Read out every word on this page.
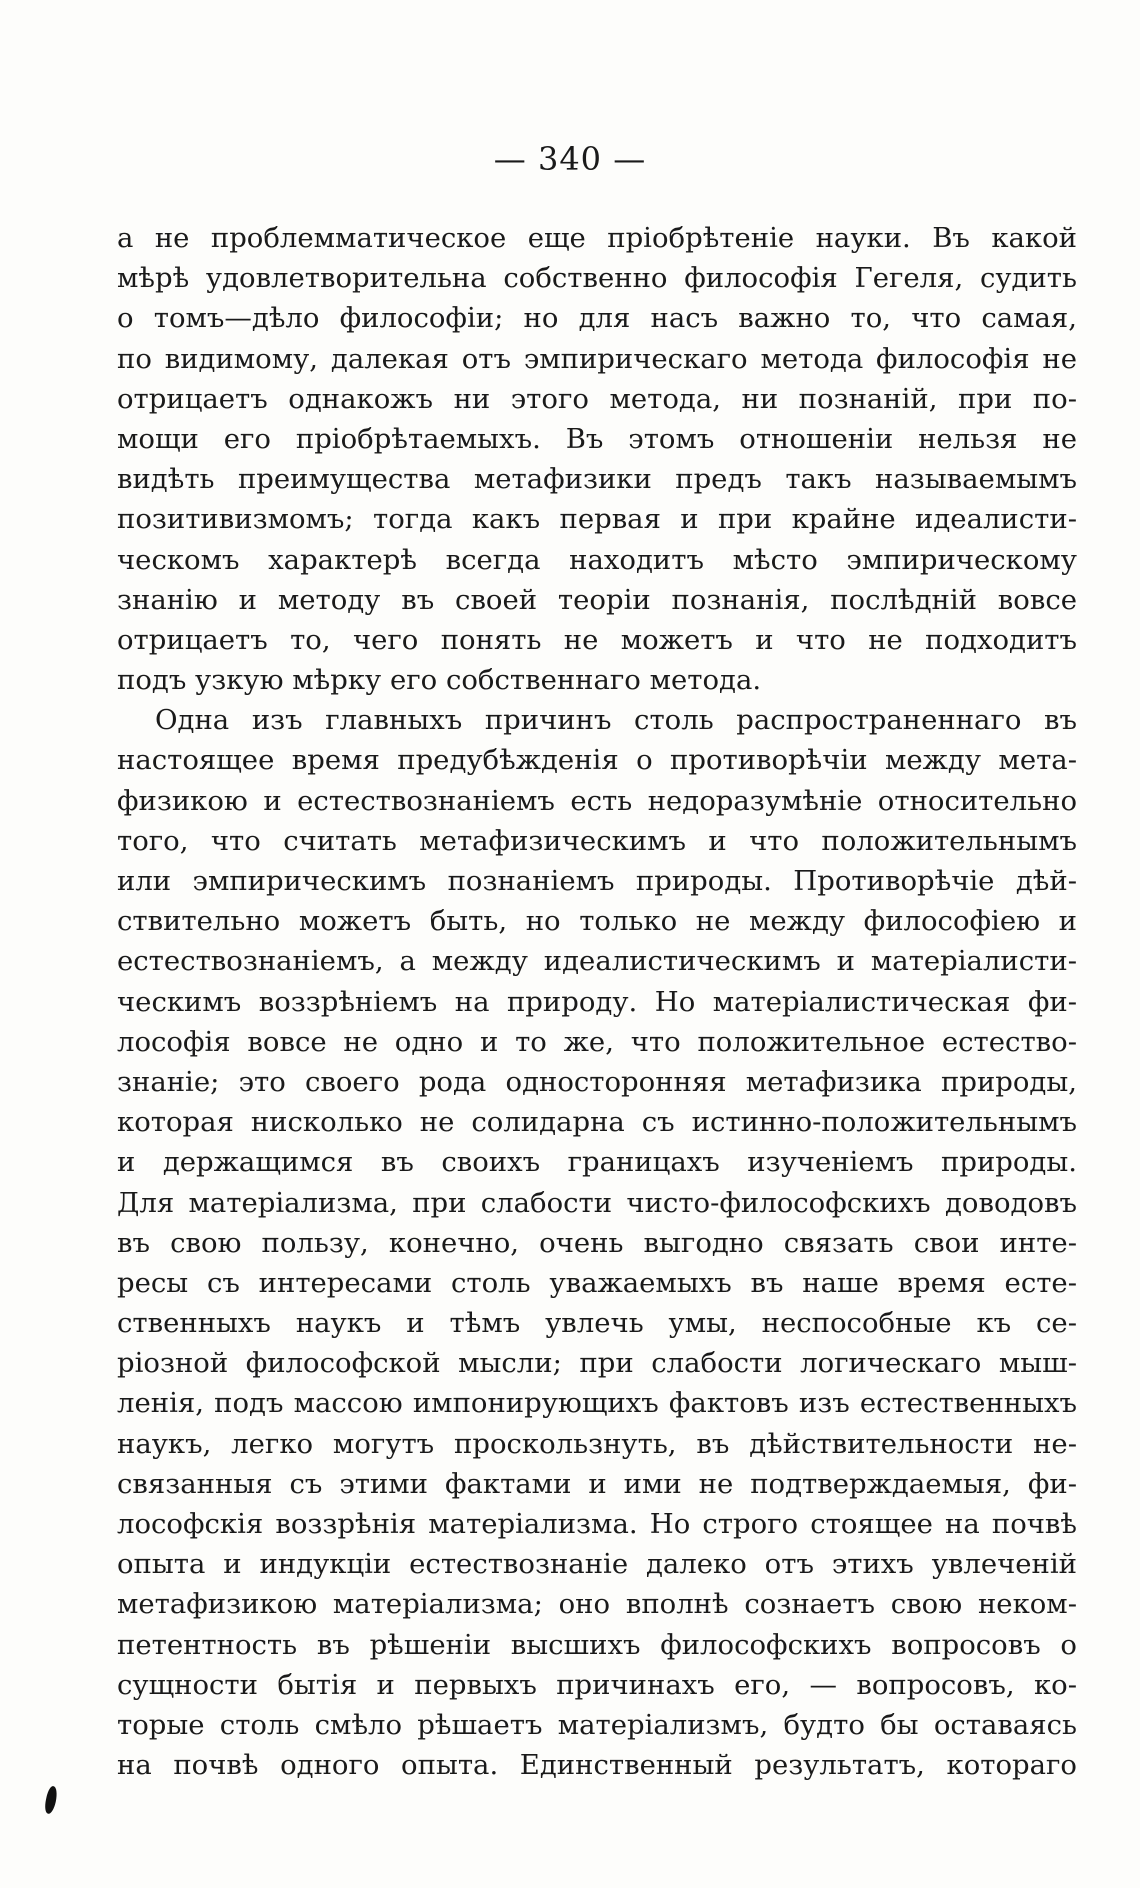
— 340 —
а не проблемматическое еще пріобрѣтеніе науки. Въ какой
мѣрѣ удовлетворительна собственно философія Гегеля, судить
о томъ—дѣло философіи; но для насъ важно то, что самая,
по видимому, далекая отъ эмпирическаго метода философія не
отрицаетъ однакожъ ни этого метода, ни познаній, при по-
мощи его пріобрѣтаемыхъ. Въ этомъ отношеніи нельзя не
видѣть преимущества метафизики предъ такъ называемымъ
позитивизмомъ; тогда какъ первая и при крайне идеалисти-
ческомъ характерѣ всегда находитъ мѣсто эмпирическому
знанію и методу въ своей теоріи познанія, послѣдній вовсе
отрицаетъ то, чего понять не можетъ и что не подходитъ
подъ узкую мѣрку его собственнаго метода.
Одна изъ главныхъ причинъ столь распространеннаго въ
настоящее время предубѣжденія о противорѣчіи между мета-
физикою и естествознаніемъ есть недоразумѣніе относительно
того, что считать метафизическимъ и что положительнымъ
или эмпирическимъ познаніемъ природы. Противорѣчіе дѣй-
ствительно можетъ быть, но только не между философіею и
естествознаніемъ, а между идеалистическимъ и матеріалисти-
ческимъ воззрѣніемъ на природу. Но матеріалистическая фи-
лософія вовсе не одно и то же, что положительное естество-
знаніе; это своего рода односторонняя метафизика природы,
которая нисколько не солидарна съ истинно-положительнымъ
и держащимся въ своихъ границахъ изученіемъ природы.
Для матеріализма, при слабости чисто-философскихъ доводовъ
въ свою пользу, конечно, очень выгодно связать свои инте-
ресы съ интересами столь уважаемыхъ въ наше время есте-
ственныхъ наукъ и тѣмъ увлечь умы, неспособные къ се-
ріозной философской мысли; при слабости логическаго мыш-
ленія, подъ массою импонирующихъ фактовъ изъ естественныхъ
наукъ, легко могутъ проскользнуть, въ дѣйствительности не-
связанныя съ этими фактами и ими не подтверждаемыя, фи-
лософскія воззрѣнія матеріализма. Но строго стоящее на почвѣ
опыта и индукціи естествознаніе далеко отъ этихъ увлеченій
метафизикою матеріализма; оно вполнѣ сознаетъ свою неком-
петентность въ рѣшеніи высшихъ философскихъ вопросовъ о
сущности бытія и первыхъ причинахъ его, — вопросовъ, ко-
торые столь смѣло рѣшаетъ матеріализмъ, будто бы оставаясь
на почвѣ одного опыта. Единственный результатъ, котораго
